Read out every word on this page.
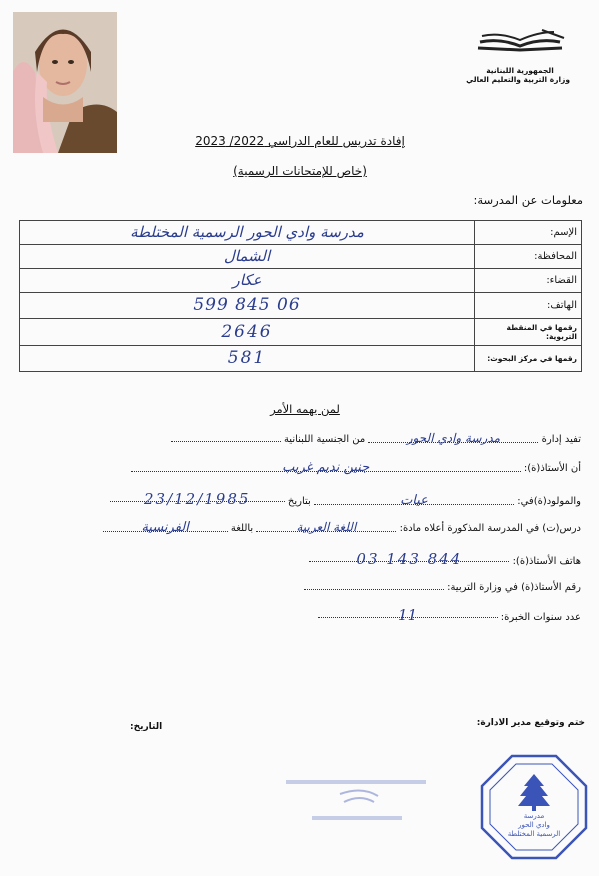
الجمهورية اللبنانية
وزارة التربية والتعليم العالي
إفادة تدريس للعام الدراسي 2022/ 2023
(خاص للإمتحانات الرسمية)
معلومات عن المدرسة:
الإسم:	مدرسة وادي الحور الرسمية المختلطة
المحافظة:	الشمال
القضاء:	عكار
الهاتف:	06 845 599
رقمها في المنقطة التربوية:	2646
رقمها في مركز البحوث:	581
لمن يهمه الأمر
تفيد إدارة مدرسة وادي الحور من الجنسية اللبنانية
أن الأستاذ(ة): جنين نديم غريب
والمولود(ة)في: عيات بتاريخ 23/12/1985
درس(ت) في المدرسة المذكورة أعلاه مادة: اللغة العربية باللغة الفرنسية
هاتف الأستاذ(ة): 03 143 844
رقم الأستاذ(ة) في وزارة التربية:
عدد سنوات الخبرة: 11
ختم وتوقيع مدير الادارة:
التاريخ:
مدرسة
وادي الحور
الرسمية المختلطة
